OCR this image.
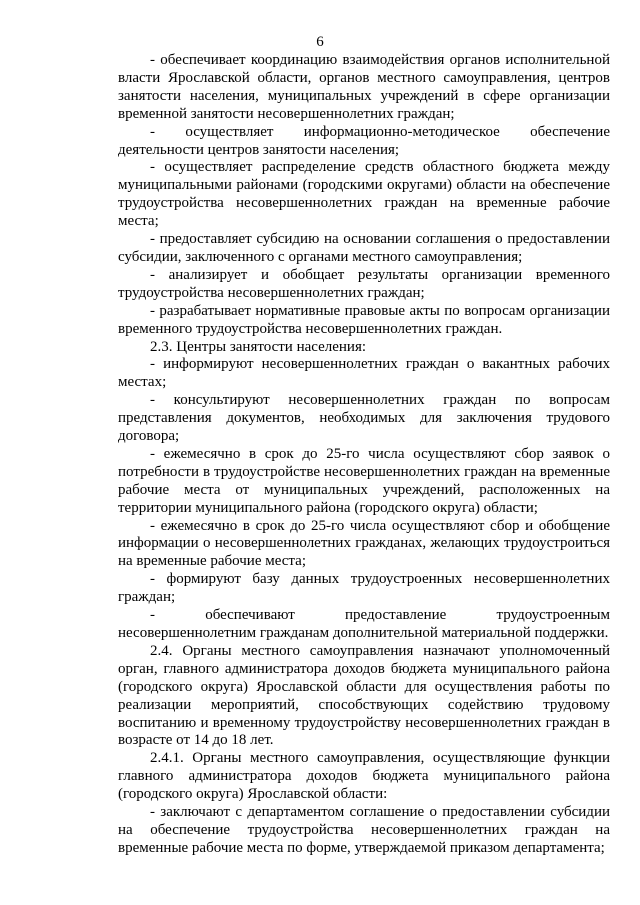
6

- обеспечивает координацию взаимодействия органов исполнительной власти Ярославской области, органов местного самоуправления, центров занятости населения, муниципальных учреждений в сфере организации временной занятости несовершеннолетних граждан;

- осуществляет информационно-методическое обеспечение деятельности центров занятости населения;

- осуществляет распределение средств областного бюджета между муниципальными районами (городскими округами) области на обеспечение трудоустройства несовершеннолетних граждан на временные рабочие места;

- предоставляет субсидию на основании соглашения о предоставлении субсидии, заключенного с органами местного самоуправления;

- анализирует и обобщает результаты организации временного трудоустройства несовершеннолетних граждан;

- разрабатывает нормативные правовые акты по вопросам организации временного трудоустройства несовершеннолетних граждан.

2.3. Центры занятости населения:

- информируют несовершеннолетних граждан о вакантных рабочих местах;

- консультируют несовершеннолетних граждан по вопросам представления документов, необходимых для заключения трудового договора;

- ежемесячно в срок до 25-го числа осуществляют сбор заявок о потребности в трудоустройстве несовершеннолетних граждан на временные рабочие места от муниципальных учреждений, расположенных на территории муниципального района (городского округа) области;

- ежемесячно в срок до 25-го числа осуществляют сбор и обобщение информации о несовершеннолетних гражданах, желающих трудоустроиться на временные рабочие места;

- формируют базу данных трудоустроенных несовершеннолетних граждан;

- обеспечивают предоставление трудоустроенным несовершеннолетним гражданам дополнительной материальной поддержки.

2.4. Органы местного самоуправления назначают уполномоченный орган, главного администратора доходов бюджета муниципального района (городского округа) Ярославской области для осуществления работы по реализации мероприятий, способствующих содействию трудовому воспитанию и временному трудоустройству несовершеннолетних граждан в возрасте от 14 до 18 лет.

2.4.1. Органы местного самоуправления, осуществляющие функции главного администратора доходов бюджета муниципального района (городского округа) Ярославской области:

- заключают с департаментом соглашение о предоставлении субсидии на обеспечение трудоустройства несовершеннолетних граждан на временные рабочие места по форме, утверждаемой приказом департамента;
